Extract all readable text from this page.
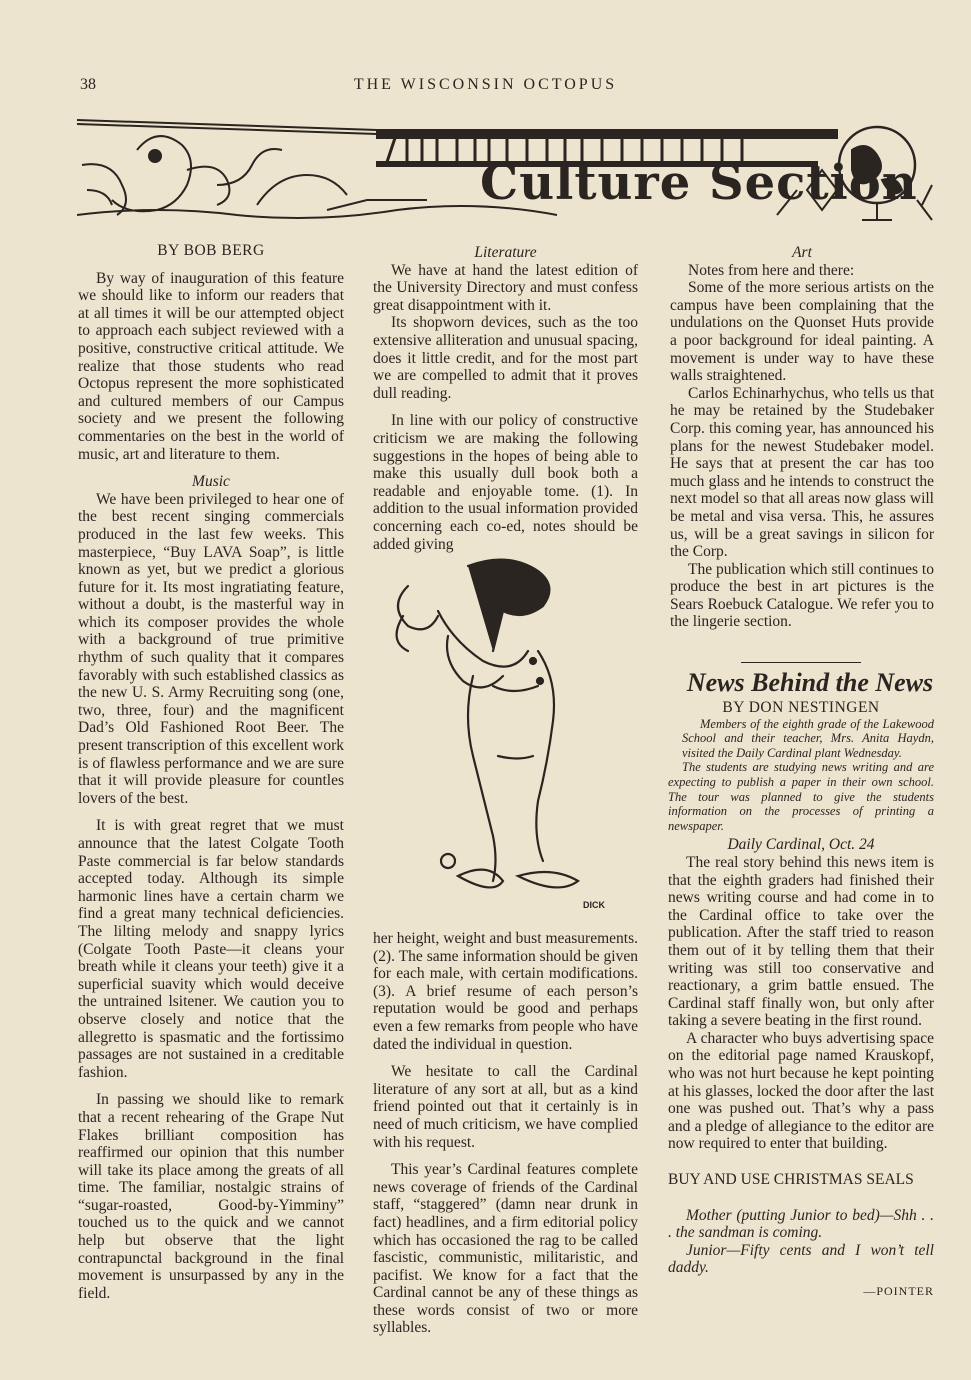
38	THE WISCONSIN OCTOPUS
Culture Section

BY BOB BERG

By way of inauguration of this feature we should like to inform our readers that at all times it will be our attempted object to approach each subject reviewed with a positive, constructive critical attitude. We realize that those students who read Octopus represent the more sophisticated and cultured members of our Campus society and we present the following commentaries on the best in the world of music, art and literature to them.

Music

We have been privileged to hear one of the best recent singing commercials produced in the last few weeks. This masterpiece, “Buy LAVA Soap”, is little known as yet, but we predict a glorious future for it. Its most ingratiating feature, without a doubt, is the masterful way in which its composer provides the whole with a background of true primitive rhythm of such quality that it compares favorably with such established classics as the new U. S. Army Recruiting song (one, two, three, four) and the magnificent Dad’s Old Fashioned Root Beer. The present transcription of this excellent work is of flawless performance and we are sure that it will provide pleasure for countles lovers of the best.

It is with great regret that we must announce that the latest Colgate Tooth Paste commercial is far below standards accepted today. Although its simple harmonic lines have a certain charm we find a great many technical deficiencies. The lilting melody and snappy lyrics (Colgate Tooth Paste—it cleans your breath while it cleans your teeth) give it a superficial suavity which would deceive the untrained lsitener. We caution you to observe closely and notice that the allegretto is spasmatic and the fortissimo passages are not sustained in a creditable fashion.

In passing we should like to remark that a recent rehearing of the Grape Nut Flakes brilliant composition has reaffirmed our opinion that this number will take its place among the greats of all time. The familiar, nostalgic strains of “sugar-roasted, Good-by-Yimminy” touched us to the quick and we cannot help but observe that the light contrapunctal background in the final movement is unsurpassed by any in the field.

Literature

We have at hand the latest edition of the University Directory and must confess great disappointment with it.

Its shopworn devices, such as the too extensive alliteration and unusual spacing, does it little credit, and for the most part we are compelled to admit that it proves dull reading.

In line with our policy of constructive criticism we are making the following suggestions in the hopes of being able to make this usually dull book both a readable and enjoyable tome. (1). In addition to the usual information provided concerning each co-ed, notes should be added giving

DICK

her height, weight and bust measurements. (2). The same information should be given for each male, with certain modifications. (3). A brief resume of each person’s reputation would be good and perhaps even a few remarks from people who have dated the individual in question.

We hesitate to call the Cardinal literature of any sort at all, but as a kind friend pointed out that it certainly is in need of much criticism, we have complied with his request.

This year’s Cardinal features complete news coverage of friends of the Cardinal staff, “staggered” (damn near drunk in fact) headlines, and a firm editorial policy which has occasioned the rag to be called fascistic, communistic, militaristic, and pacifist. We know for a fact that the Cardinal cannot be any of these things as these words consist of two or more syllables.

Art

Notes from here and there:

Some of the more serious artists on the campus have been complaining that the undulations on the Quonset Huts provide a poor background for ideal painting. A movement is under way to have these walls straightened.

Carlos Echinarhychus, who tells us that he may be retained by the Studebaker Corp. this coming year, has announced his plans for the newest Studebaker model. He says that at present the car has too much glass and he intends to construct the next model so that all areas now glass will be metal and visa versa. This, he assures us, will be a great savings in silicon for the Corp.

The publication which still continues to produce the best in art pictures is the Sears Roebuck Catalogue. We refer you to the lingerie section.

News Behind the News

BY DON NESTINGEN

Members of the eighth grade of the Lakewood School and their teacher, Mrs. Anita Haydn, visited the Daily Cardinal plant Wednesday.

The students are studying news writing and are expecting to publish a paper in their own school. The tour was planned to give the students information on the processes of printing a newspaper.

Daily Cardinal, Oct. 24

The real story behind this news item is that the eighth graders had finished their news writing course and had come in to the Cardinal office to take over the publication. After the staff tried to reason them out of it by telling them that their writing was still too conservative and reactionary, a grim battle ensued. The Cardinal staff finally won, but only after taking a severe beating in the first round.

A character who buys advertising space on the editorial page named Krauskopf, who was not hurt because he kept pointing at his glasses, locked the door after the last one was pushed out. That’s why a pass and a pledge of allegiance to the editor are now required to enter that building.

BUY AND USE CHRISTMAS SEALS

Mother (putting Junior to bed)—Shh . . . the sandman is coming.

Junior—Fifty cents and I won’t tell daddy.

—POINTER
